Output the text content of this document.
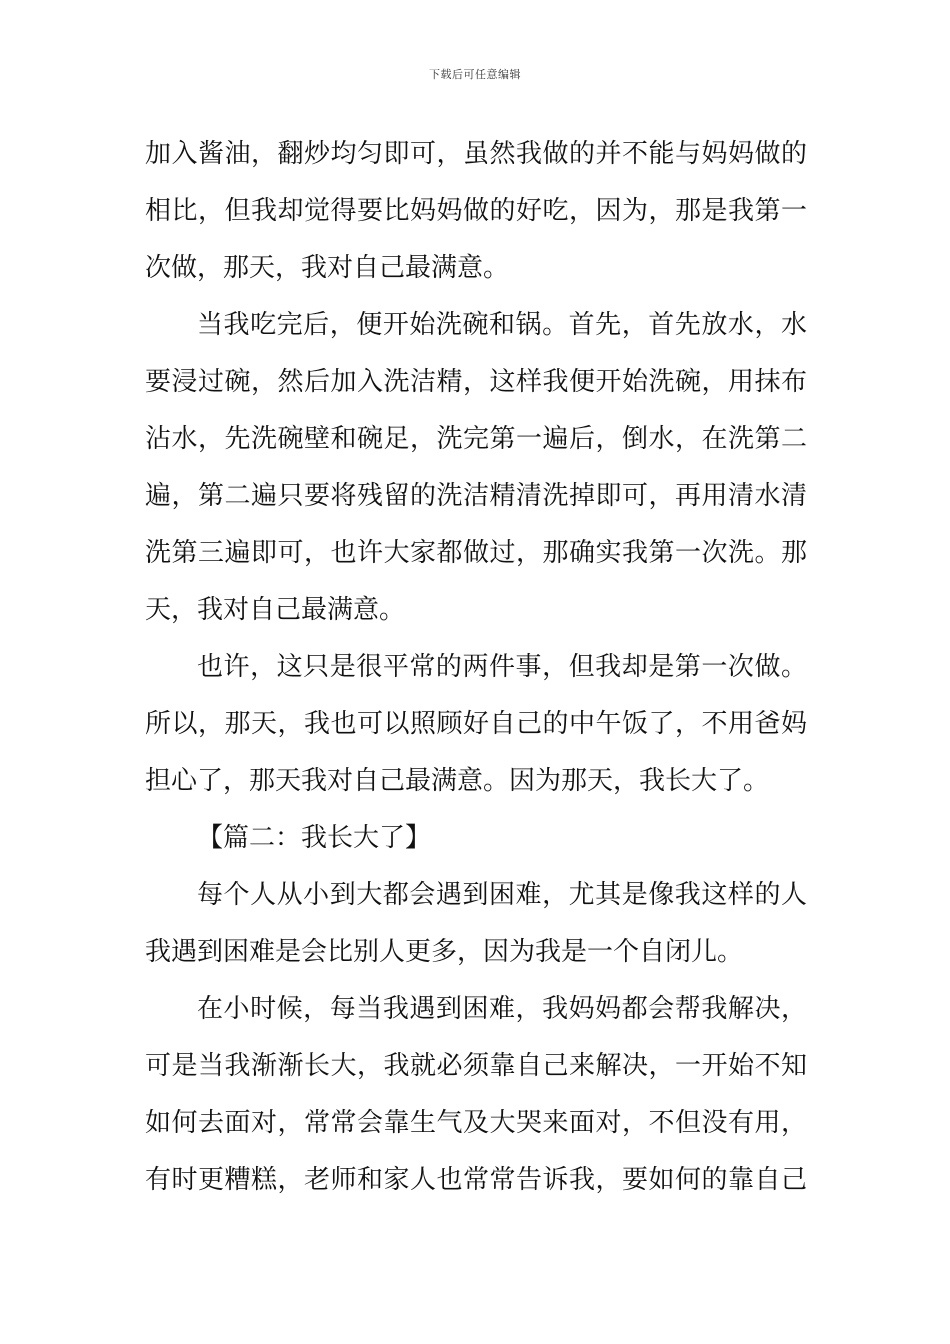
下载后可任意编辑
加入酱油，翻炒均匀即可，虽然我做的并不能与妈妈做的
相比，但我却觉得要比妈妈做的好吃，因为，那是我第一
次做，那天，我对自己最满意。
当我吃完后，便开始洗碗和锅。首先，首先放水，水
要浸过碗，然后加入洗洁精，这样我便开始洗碗，用抹布
沾水，先洗碗壁和碗足，洗完第一遍后，倒水，在洗第二
遍，第二遍只要将残留的洗洁精清洗掉即可，再用清水清
洗第三遍即可，也许大家都做过，那确实我第一次洗。那
天，我对自己最满意。
也许，这只是很平常的两件事，但我却是第一次做。
所以，那天，我也可以照顾好自己的中午饭了，不用爸妈
担心了，那天我对自己最满意。因为那天，我长大了。
【篇二：我长大了】
每个人从小到大都会遇到困难，尤其是像我这样的人
我遇到困难是会比别人更多，因为我是一个自闭儿。
在小时候，每当我遇到困难，我妈妈都会帮我解决，
可是当我渐渐长大，我就必须靠自己来解决，一开始不知
如何去面对，常常会靠生气及大哭来面对，不但没有用，
有时更糟糕，老师和家人也常常告诉我，要如何的靠自己
